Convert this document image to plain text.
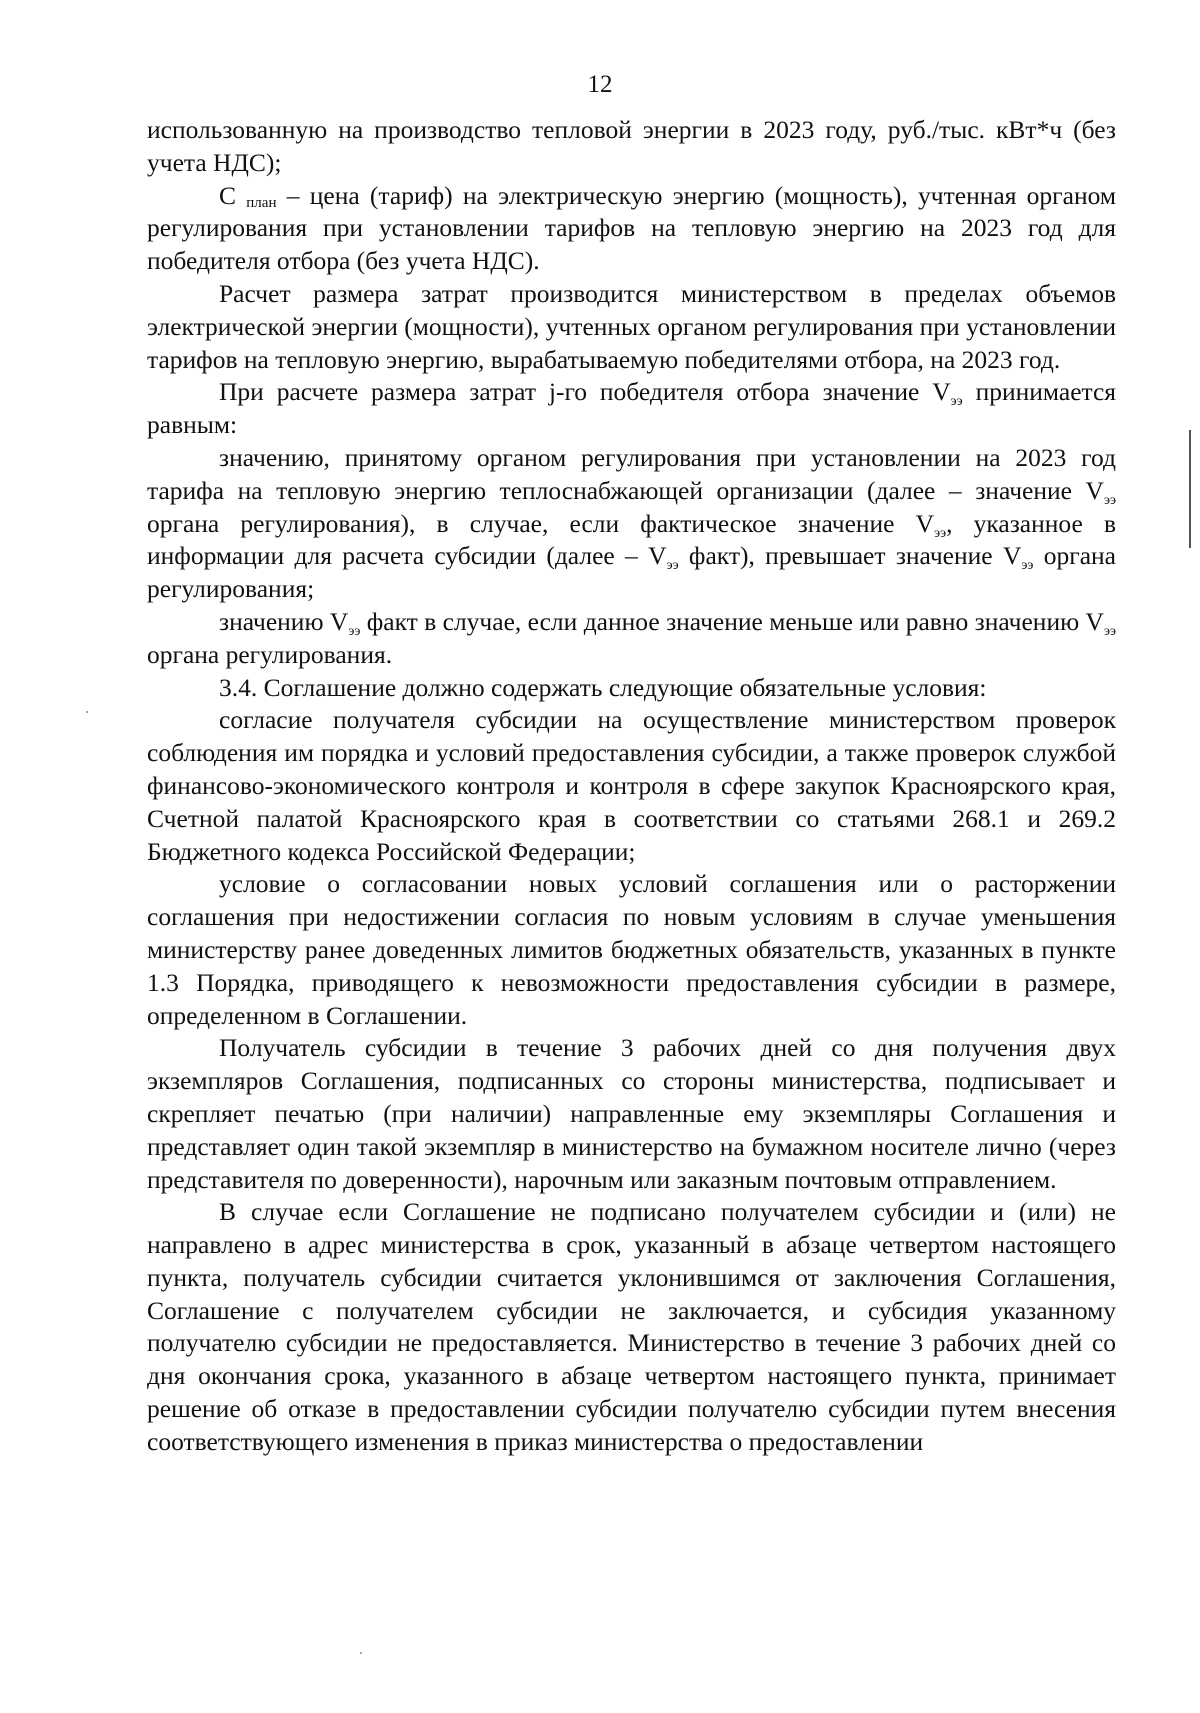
12

использованную на производство тепловой энергии в 2023 году, руб./тыс. кВт*ч (без учета НДС);

С $_{план}$ – цена (тариф) на электрическую энергию (мощность), учтенная органом регулирования при установлении тарифов на тепловую энергию на 2023 год для победителя отбора (без учета НДС).

Расчет размера затрат производится министерством в пределах объемов электрической энергии (мощности), учтенных органом регулирования при установлении тарифов на тепловую энергию, вырабатываемую победителями отбора, на 2023 год.

При расчете размера затрат j-го победителя отбора значение $V_{ээ}$ принимается равным:

значению, принятому органом регулирования при установлении на 2023 год тарифа на тепловую энергию теплоснабжающей организации (далее – значение $V_{ээ}$ органа регулирования), в случае, если фактическое значение $V_{ээ}$, указанное в информации для расчета субсидии (далее – $V_{ээ}$ факт), превышает значение $V_{ээ}$ органа регулирования;

значению $V_{ээ}$ факт в случае, если данное значение меньше или равно значению $V_{ээ}$ органа регулирования.

3.4. Соглашение должно содержать следующие обязательные условия:

согласие получателя субсидии на осуществление министерством проверок соблюдения им порядка и условий предоставления субсидии, а также проверок службой финансово-экономического контроля и контроля в сфере закупок Красноярского края, Счетной палатой Красноярского края в соответствии со статьями 268.1 и 269.2 Бюджетного кодекса Российской Федерации;

условие о согласовании новых условий соглашения или о расторжении соглашения при недостижении согласия по новым условиям в случае уменьшения министерству ранее доведенных лимитов бюджетных обязательств, указанных в пункте 1.3 Порядка, приводящего к невозможности предоставления субсидии в размере, определенном в Соглашении.

Получатель субсидии в течение 3 рабочих дней со дня получения двух экземпляров Соглашения, подписанных со стороны министерства, подписывает и скрепляет печатью (при наличии) направленные ему экземпляры Соглашения и представляет один такой экземпляр в министерство на бумажном носителе лично (через представителя по доверенности), нарочным или заказным почтовым отправлением.

В случае если Соглашение не подписано получателем субсидии и (или) не направлено в адрес министерства в срок, указанный в абзаце четвертом настоящего пункта, получатель субсидии считается уклонившимся от заключения Соглашения, Соглашение с получателем субсидии не заключается, и субсидия указанному получателю субсидии не предоставляется. Министерство в течение 3 рабочих дней со дня окончания срока, указанного в абзаце четвертом настоящего пункта, принимает решение об отказе в предоставлении субсидии получателю субсидии путем внесения соответствующего изменения в приказ министерства о предоставлении
